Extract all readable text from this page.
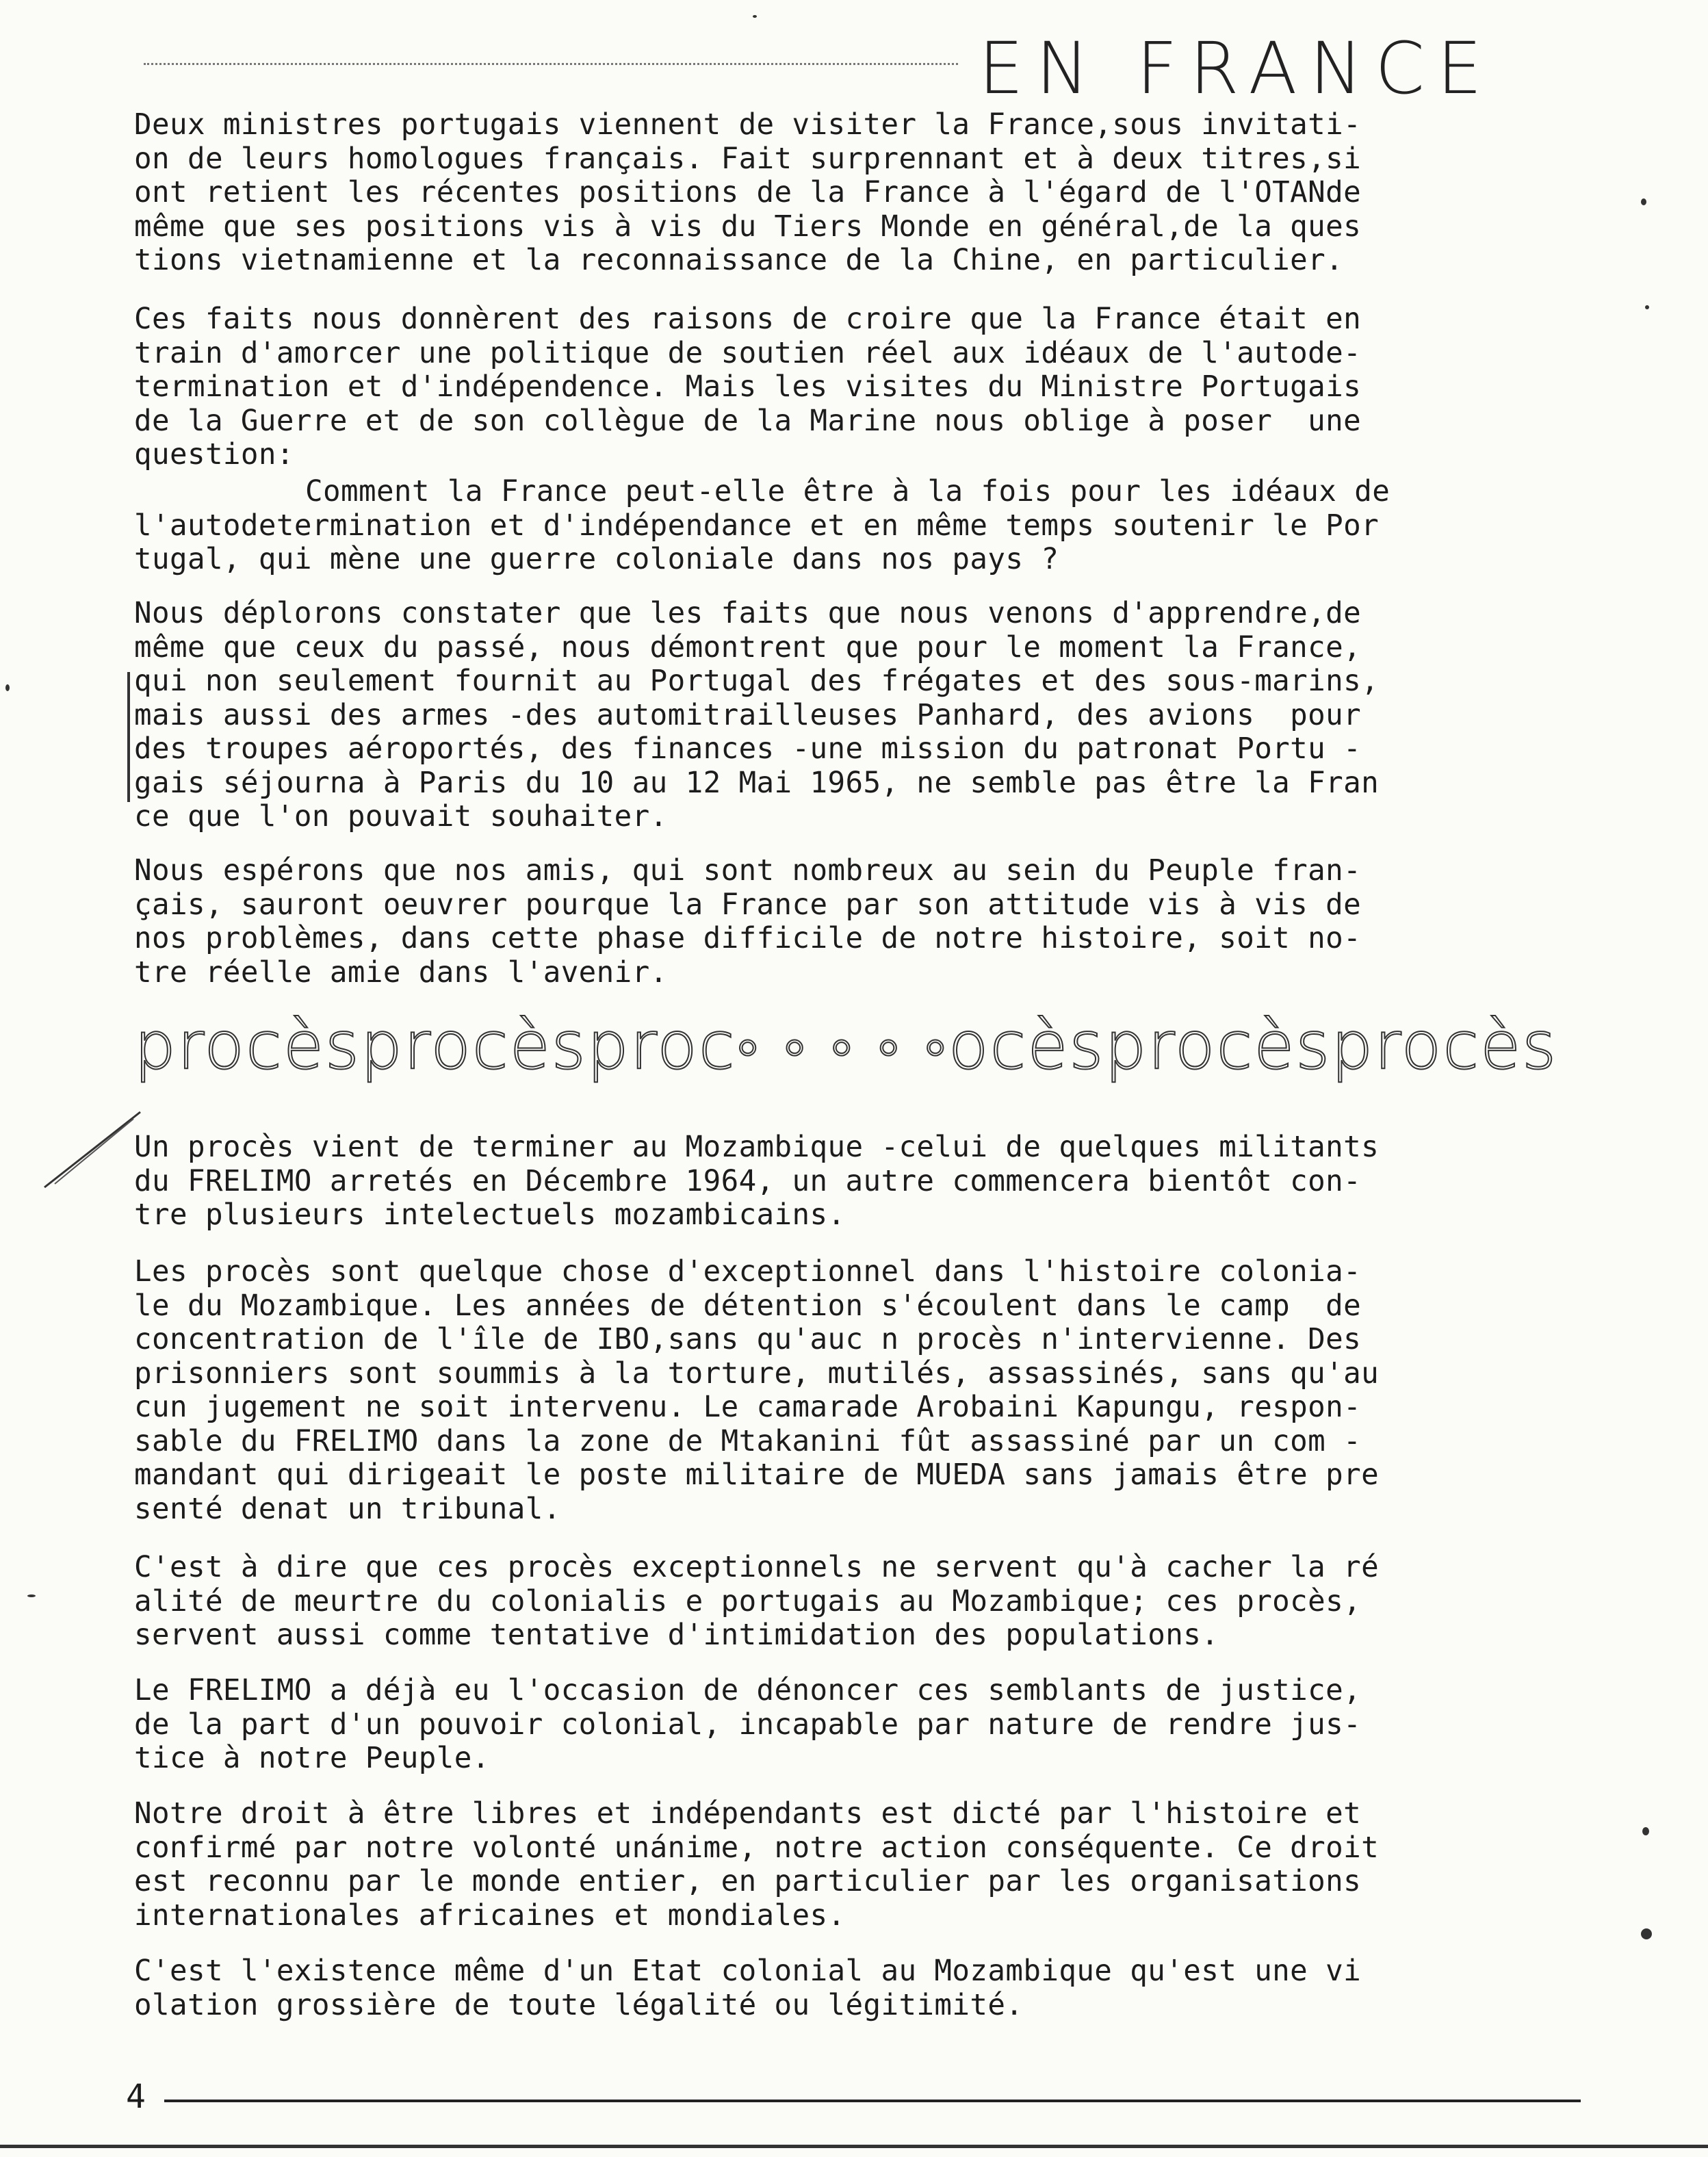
EN FRANCE

Deux ministres portugais viennent de visiter la France,sous invitati-

on de leurs homologues français. Fait surprennant et à deux titres,si

ont retient les récentes positions de la France à l'égard de l'OTANde

même que ses positions vis à vis du Tiers Monde en général,de la ques

tions vietnamienne et la reconnaissance de la Chine, en particulier.

Ces faits nous donnèrent des raisons de croire que la France était en

train d'amorcer une politique de soutien réel aux idéaux de l'autode-

termination et d'indépendence. Mais les visites du Ministre Portugais

de la Guerre et de son collègue de la Marine nous oblige à poser  une

question:

Comment la France peut-elle être à la fois pour les idéaux de

l'autodetermination et d'indépendance et en même temps soutenir le Por

tugal, qui mène une guerre coloniale dans nos pays ?

Nous déplorons constater que les faits que nous venons d'apprendre,de

même que ceux du passé, nous démontrent que pour le moment la France,

qui non seulement fournit au Portugal des frégates et des sous-marins,

mais aussi des armes -des automitrailleuses Panhard, des avions  pour

des troupes aéroportés, des finances -une mission du patronat Portu -

gais séjourna à Paris du 10 au 12 Mai 1965, ne semble pas être la Fran

ce que l'on pouvait souhaiter.

Nous espérons que nos amis, qui sont nombreux au sein du Peuple fran-

çais, sauront oeuvrer pourque la France par son attitude vis à vis de

nos problèmes, dans cette phase difficile de notre histoire, soit no-

tre réelle amie dans l'avenir.

procèsprocèsproc◦ ◦ ◦ ◦ ◦ocèsprocèsprocès

Un procès vient de terminer au Mozambique -celui de quelques militants

du FRELIMO arretés en Décembre 1964, un autre commencera bientôt con-

tre plusieurs intelectuels mozambicains.

Les procès sont quelque chose d'exceptionnel dans l'histoire colonia-

le du Mozambique. Les années de détention s'écoulent dans le camp  de

concentration de l'île de IBO,sans qu'auc n procès n'intervienne. Des

prisonniers sont soummis à la torture, mutilés, assassinés, sans qu'au

cun jugement ne soit intervenu. Le camarade Arobaini Kapungu, respon-

sable du FRELIMO dans la zone de Mtakanini fût assassiné par un com -

mandant qui dirigeait le poste militaire de MUEDA sans jamais être pre

senté denat un tribunal.

C'est à dire que ces procès exceptionnels ne servent qu'à cacher la ré

alité de meurtre du colonialis e portugais au Mozambique; ces procès,

servent aussi comme tentative d'intimidation des populations.

Le FRELIMO a déjà eu l'occasion de dénoncer ces semblants de justice,

de la part d'un pouvoir colonial, incapable par nature de rendre jus-

tice à notre Peuple.

Notre droit à être libres et indépendants est dicté par l'histoire et

confirmé par notre volonté unánime, notre action conséquente. Ce droit

est reconnu par le monde entier, en particulier par les organisations

internationales africaines et mondiales.

C'est l'existence même d'un Etat colonial au Mozambique qu'est une vi

olation grossière de toute légalité ou légitimité.

4
